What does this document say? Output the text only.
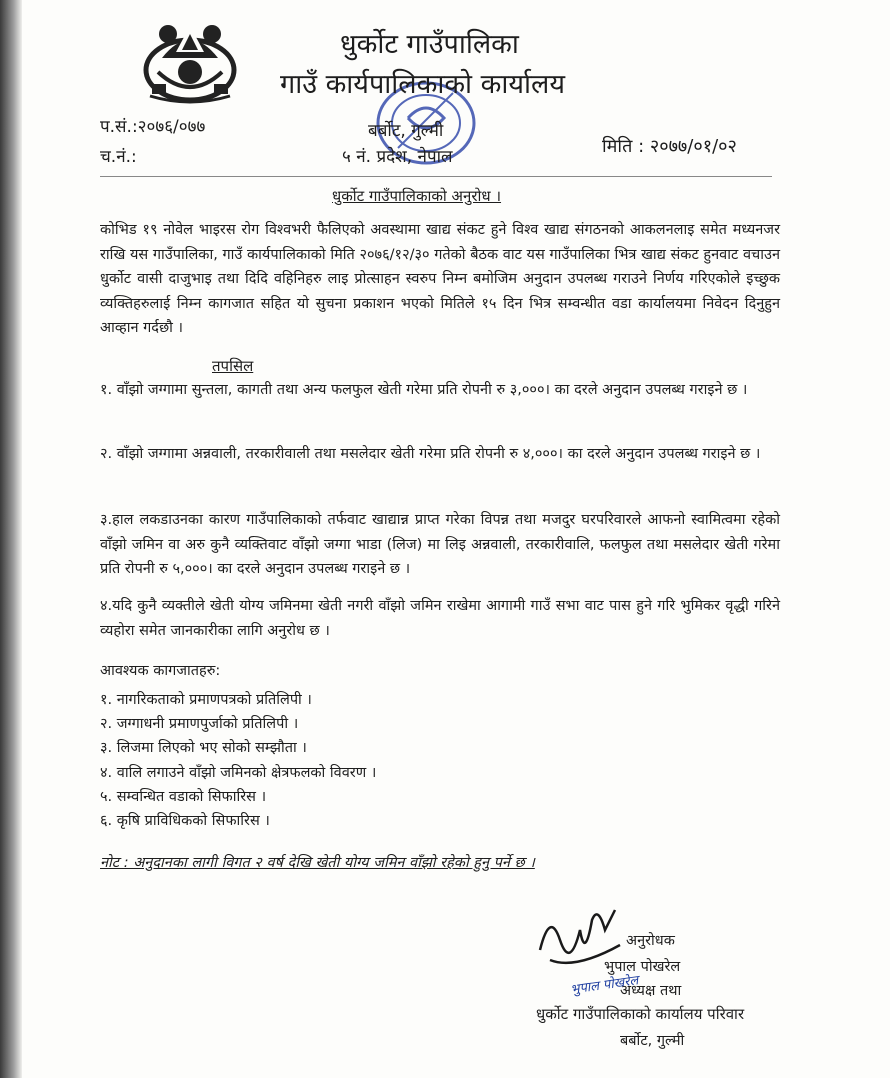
धुर्कोट गाउँपालिका
गाउँ कार्यपालिकाको कार्यालय
प.सं.:२०७६/०७७
च.नं.:
बर्बोट, गुल्मी
५ नं. प्रदेश, नेपाल	मिति : २०७७/०१/०२
धुर्कोट गाउँपालिकाको अनुरोध ।
कोभिड १९ नोवेल भाइरस रोग विश्वभरी फैलिएको अवस्थामा खाद्य संकट हुने विश्व खाद्य संगठनको आकलनलाइ समेत मध्यनजर राखि यस गाउँपालिका, गाउँ कार्यपालिकाको मिति २०७६/१२/३० गतेको बैठक वाट यस गाउँपालिका भित्र खाद्य संकट हुनवाट वचाउन धुर्कोट वासी दाजुभाइ तथा दिदि वहिनिहरु लाइ प्रोत्साहन स्वरुप निम्न बमोजिम अनुदान उपलब्ध गराउने निर्णय गरिएकोले इच्छुक व्यक्तिहरुलाई निम्न कागजात सहित यो सुचना प्रकाशन भएको मितिले १५ दिन भित्र सम्वन्धीत वडा कार्यालयमा निवेदन दिनुहुन आव्हान गर्दछौ ।
तपसिल
१. वाँझो जग्गामा सुन्तला, कागती तथा अन्य फलफुल खेती गरेमा प्रति रोपनी रु ३,०००। का दरले अनुदान उपलब्ध गराइने छ ।
२. वाँझो जग्गामा अन्नवाली, तरकारीवाली तथा मसलेदार खेती गरेमा प्रति रोपनी रु ४,०००। का दरले अनुदान उपलब्ध गराइने छ ।
३.हाल लकडाउनका कारण गाउँपालिकाको तर्फवाट खाद्यान्न प्राप्त गरेका विपन्न तथा मजदुर घरपरिवारले आफनो स्वामित्वमा रहेको वाँझो जमिन वा अरु कुनै व्यक्तिवाट वाँझो जग्गा भाडा (लिज) मा लिइ अन्नवाली, तरकारीवालि, फलफुल तथा मसलेदार खेती गरेमा प्रति रोपनी रु ५,०००। का दरले अनुदान उपलब्ध गराइने छ ।
४.यदि कुनै व्यक्तीले खेती योग्य जमिनमा खेती नगरी वाँझो जमिन राखेमा आगामी गाउँ सभा वाट पास हुने गरि भुमिकर वृद्धी गरिने व्यहोरा समेत जानकारीका लागि अनुरोध छ ।
आवश्यक कागजातहरु:
१. नागरिकताको प्रमाणपत्रको प्रतिलिपी ।
२. जग्गाधनी प्रमाणपुर्जाको प्रतिलिपी ।
३. लिजमा लिएको भए सोको सम्झौता ।
४. वालि लगाउने वाँझो जमिनको क्षेत्रफलको विवरण ।
५. सम्वन्धित वडाको सिफारिस ।
६. कृषि प्राविधिकको सिफारिस ।
नोट : अनुदानका लागी विगत २ वर्ष देखि खेती योग्य जमिन वाँझो रहेको हुनु पर्ने छ ।
अनुरोधक
भुपाल पोखरेल
अध्यक्ष तथा
धुर्कोट गाउँपालिकाको कार्यालय परिवार
बर्बोट, गुल्मी
भुपाल पोखरेल
